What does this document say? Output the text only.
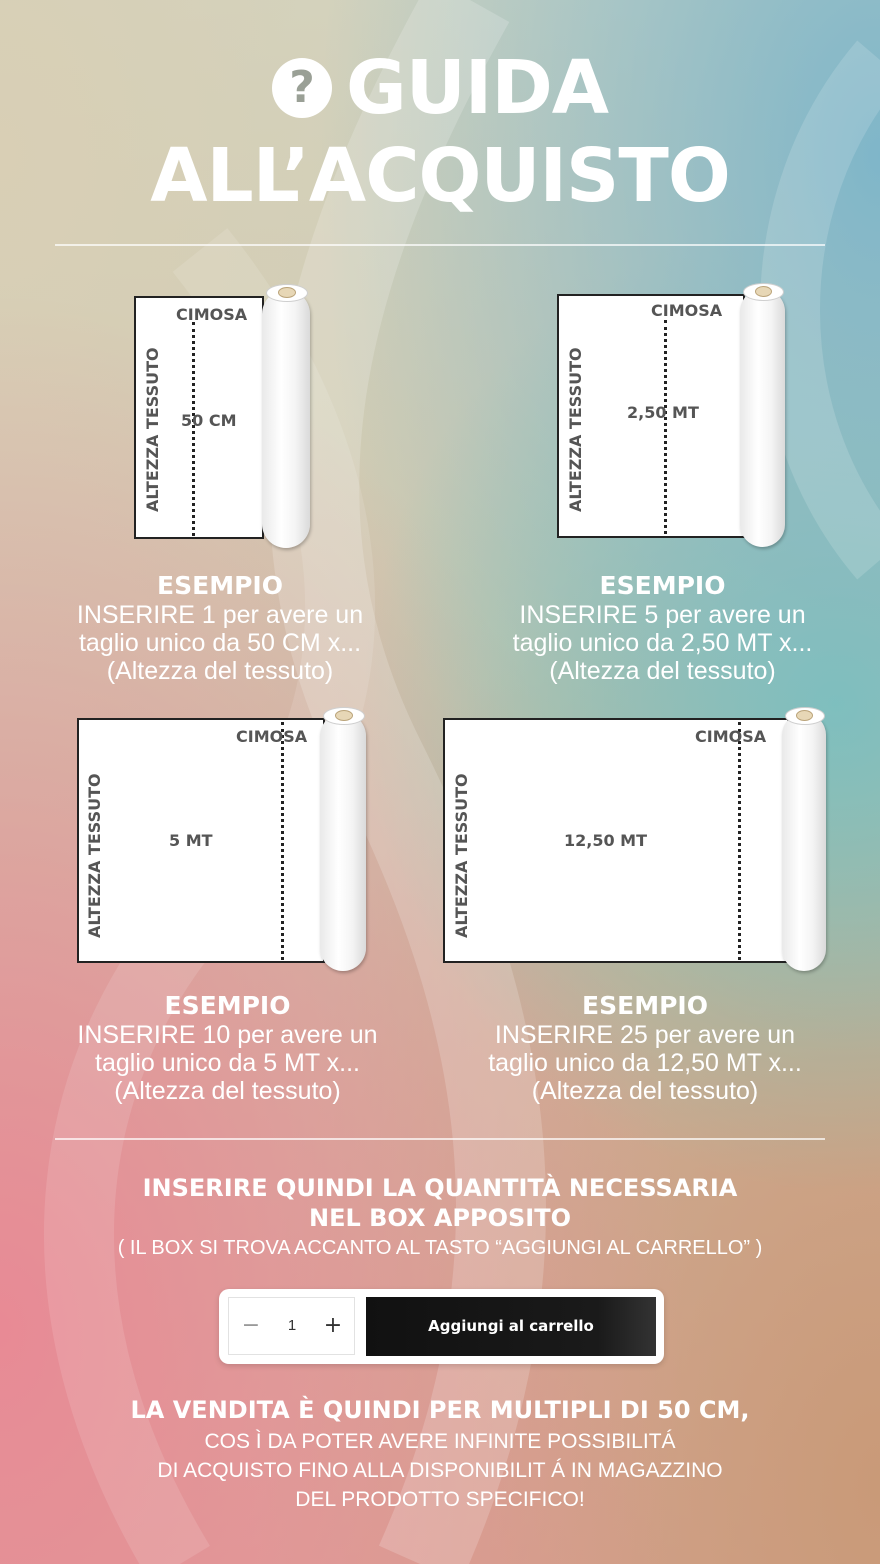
? GUIDA
ALL’ACQUISTO
CIMOSA
50 CM
ALTEZZA TESSUTO
CIMOSA
2,50 MT
ALTEZZA TESSUTO
ESEMPIO
INSERIRE 1 per avere un
taglio unico da 50 CM x...
(Altezza del tessuto)
ESEMPIO
INSERIRE 5 per avere un
taglio unico da 2,50 MT x...
(Altezza del tessuto)
CIMOSA
5 MT
ALTEZZA TESSUTO
CIMOSA
12,50 MT
ALTEZZA TESSUTO
ESEMPIO
INSERIRE 10 per avere un
taglio unico da 5 MT x...
(Altezza del tessuto)
ESEMPIO
INSERIRE 25 per avere un
taglio unico da 12,50 MT x...
(Altezza del tessuto)
INSERIRE QUINDI LA QUANTITÀ NECESSARIA
NEL BOX APPOSITO
( IL BOX SI TROVA ACCANTO AL TASTO “AGGIUNGI AL CARRELLO” )
−	1	+	Aggiungi al carrello
LA VENDITA È QUINDI PER MULTIPLI DI 50 CM,
COS Ì DA POTER AVERE INFINITE POSSIBILITÁ
DI ACQUISTO FINO ALLA DISPONIBILIT Á IN MAGAZZINO
DEL PRODOTTO SPECIFICO!
